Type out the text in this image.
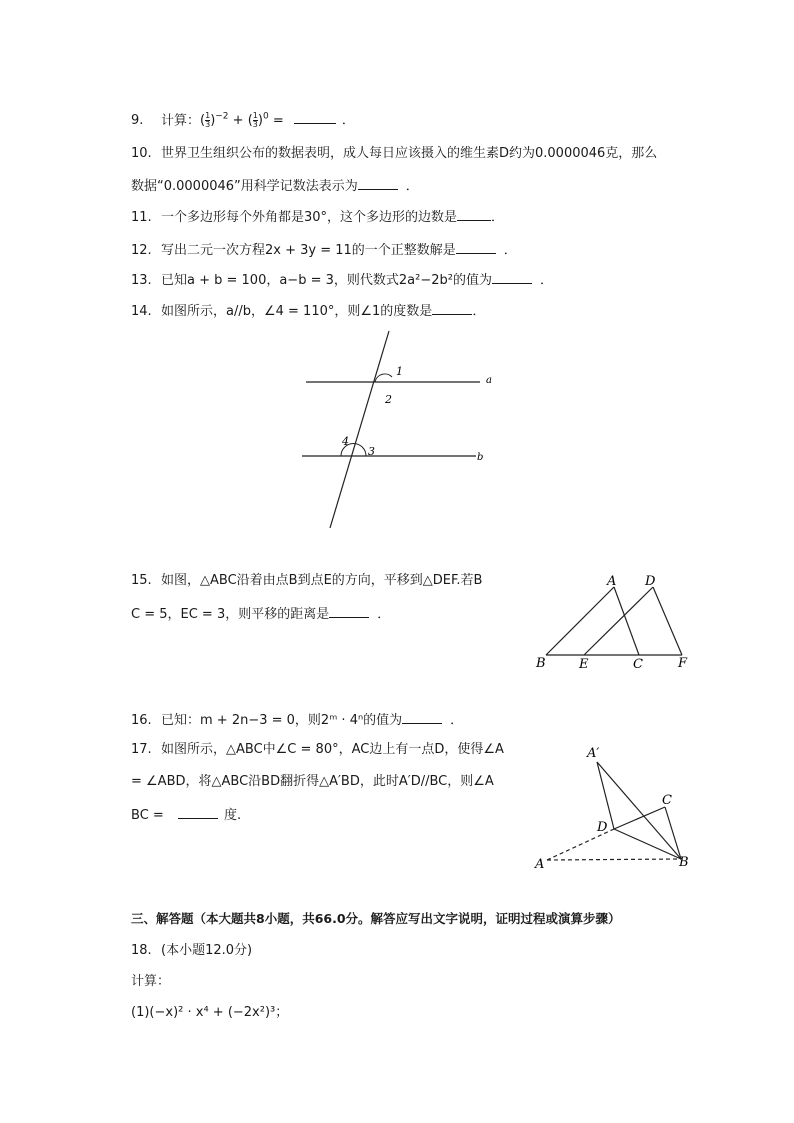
9. 计算：( $\frac{1}{3} )^{-2}$ + ( $\frac{1}{3} )^0$ =	．
10. 世界卫生组织公布的数据表明，成人每日应该摄入的维生素D约为0.0000046克，那么
数据“0.0000046”用科学记数法表示为	．
11. 一个多边形每个外角都是30°，这个多边形的边数是	．
12. 写出二元一次方程2x + 3y = 11的一个正整数解是	．
13. 已知a + b = 100，a−b = 3，则代数式2a²−2b²的值为	．
14. 如图所示，a//b，∠4 = 110°，则∠1的度数是	．
1
2
3
4
a
b
15. 如图，△ABC沿着由点B到点E的方向，平移到△DEF.若B
C = 5，EC = 3，则平移的距离是	．
A D
B	E	C	F
16. 已知：m + 2n−3 = 0，则2ᵐ · 4ⁿ的值为	．
17. 如图所示，△ABC中∠C = 80°，AC边上有一点D，使得∠A
= ∠ABD，将△ABC沿BD翻折得△A′BD，此时A′D//BC，则∠A
BC =	度.
A′
C
D
A	B
三、解答题（本大题共8小题，共66.0分。解答应写出文字说明，证明过程或演算步骤）
18. (本小题12.0分)
计算：
(1)(−x)² · x⁴ + (−2x²)³；
